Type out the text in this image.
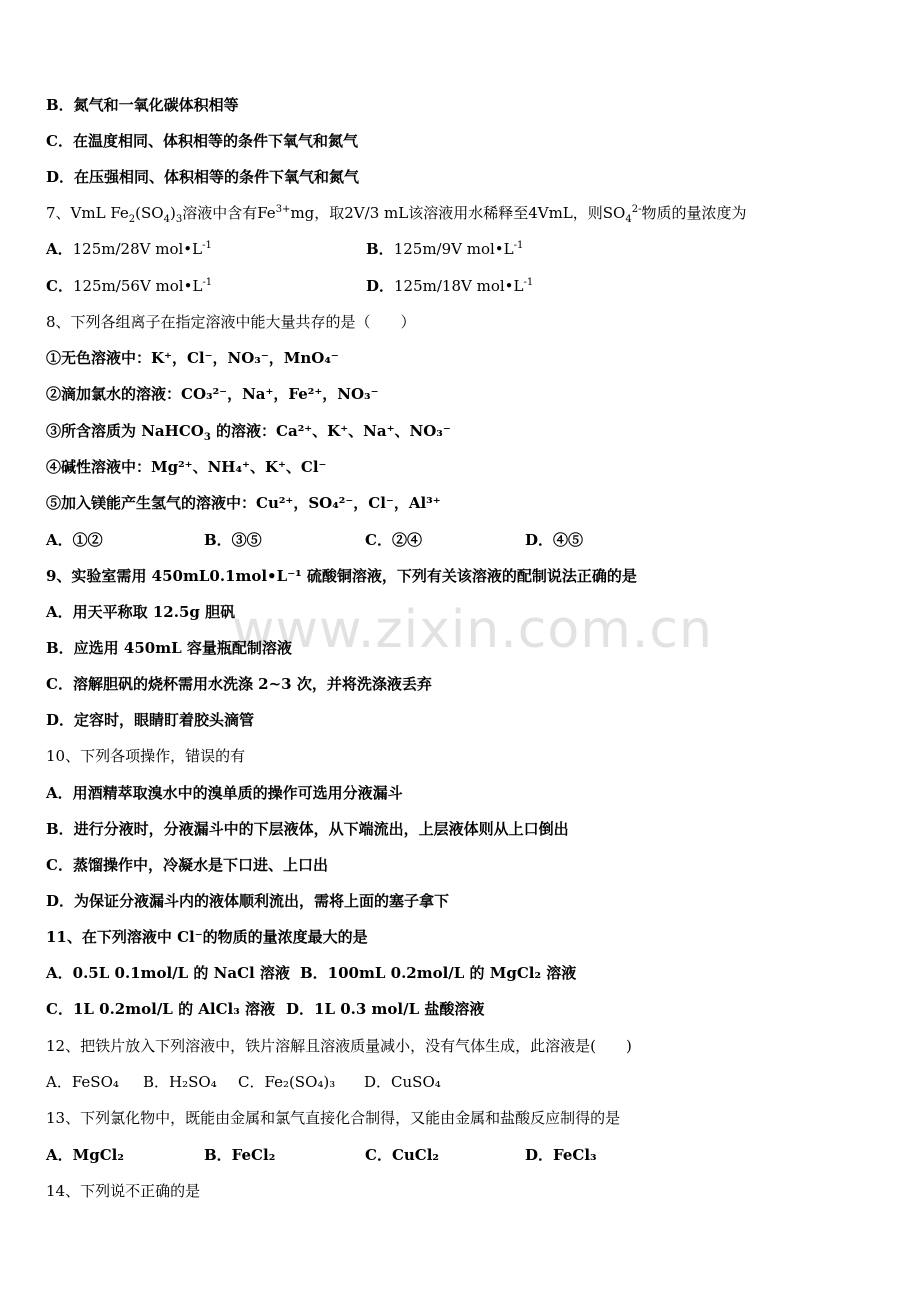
www.zixin.com.cn
B．氮气和一氧化碳体积相等
C．在温度相同、体积相等的条件下氧气和氮气
D．在压强相同、体积相等的条件下氧气和氮气
7、VmL $Fe_2(SO_4)_3$溶液中含有$Fe^{3+}mg$，取2V/3 mL该溶液用水稀释至4VmL，则$SO_4^{2-}$物质的量浓度为
A．125m/28V $mol•L^{-1}$	B．125m/9V $mol•L^{-1}$
C．125m/56V $mol•L^{-1}$	D．125m/18V $mol•L^{-1}$
8、下列各组离子在指定溶液中能大量共存的是（　　）
①无色溶液中：K⁺，Cl⁻，NO₃⁻，MnO₄⁻
②滴加氯水的溶液：CO₃²⁻，Na⁺，Fe²⁺，NO₃⁻
③所含溶质为 NaHCO$_3$ 的溶液：Ca²⁺、K⁺、Na⁺、NO₃⁻
④碱性溶液中：Mg²⁺、NH₄⁺、K⁺、Cl⁻
⑤加入镁能产生氢气的溶液中：Cu²⁺，SO₄²⁻，Cl⁻，Al³⁺
A．①②	B．③⑤	C．②④	D．④⑤
9、实验室需用 450mL0.1mol•L⁻¹ 硫酸铜溶液，下列有关该溶液的配制说法正确的是
A．用天平称取 12.5g 胆矾
B．应选用 450mL 容量瓶配制溶液
C．溶解胆矾的烧杯需用水洗涤 2~3 次，并将洗涤液丢弃
D．定容时，眼睛盯着胶头滴管
10、下列各项操作，错误的有
A．用酒精萃取溴水中的溴单质的操作可选用分液漏斗
B．进行分液时，分液漏斗中的下层液体，从下端流出，上层液体则从上口倒出
C．蒸馏操作中，冷凝水是下口进、上口出
D．为保证分液漏斗内的液体顺利流出，需将上面的塞子拿下
11、在下列溶液中 Cl⁻的物质的量浓度最大的是
A．0.5L 0.1mol/L 的 NaCl 溶液 B．100mL 0.2mol/L 的 MgCl₂ 溶液
C．1L 0.2mol/L 的 AlCl₃ 溶液 D．1L 0.3 mol/L 盐酸溶液
12、把铁片放入下列溶液中，铁片溶解且溶液质量减小，没有气体生成，此溶液是(　　)
A．FeSO₄ B．H₂SO₄ C．Fe₂(SO₄)₃ D．CuSO₄
13、下列氯化物中，既能由金属和氯气直接化合制得，又能由金属和盐酸反应制得的是
A．MgCl₂	B．FeCl₂	C．CuCl₂	D．FeCl₃
14、下列说不正确的是
